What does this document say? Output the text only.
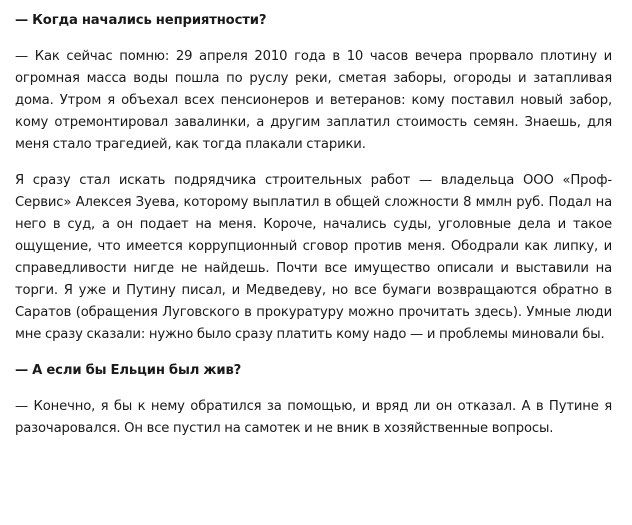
— Когда начались неприятности?

— Как сейчас помню: 29 апреля 2010 года в 10 часов вечера прорвало плотину и огромная масса воды пошла по руслу реки, сметая заборы, огороды и затапливая дома. Утром я объехал всех пенсионеров и ветеранов: кому поставил новый забор, кому отремонтировал завалинки, а другим заплатил стоимость семян. Знаешь, для меня стало трагедией, как тогда плакали старики.

Я сразу стал искать подрядчика строительных работ — владельца ООО «Проф-Сервис» Алексея Зуева, которому выплатил в общей сложности 8 ммлн руб. Подал на него в суд, а он подает на меня. Короче, начались суды, уголовные дела и такое ощущение, что имеется коррупционный сговор против меня. Ободрали как липку, и справедливости нигде не найдешь. Почти все имущество описали и выставили на торги. Я уже и Путину писал, и Медведеву, но все бумаги возвращаются обратно в Саратов (обращения Луговского в прокуратуру можно прочитать здесь). Умные люди мне сразу сказали: нужно было сразу платить кому надо — и проблемы миновали бы.

— А если бы Ельцин был жив?

— Конечно, я бы к нему обратился за помощью, и вряд ли он отказал. А в Путине я разочаровался. Он все пустил на самотек и не вник в хозяйственные вопросы.
